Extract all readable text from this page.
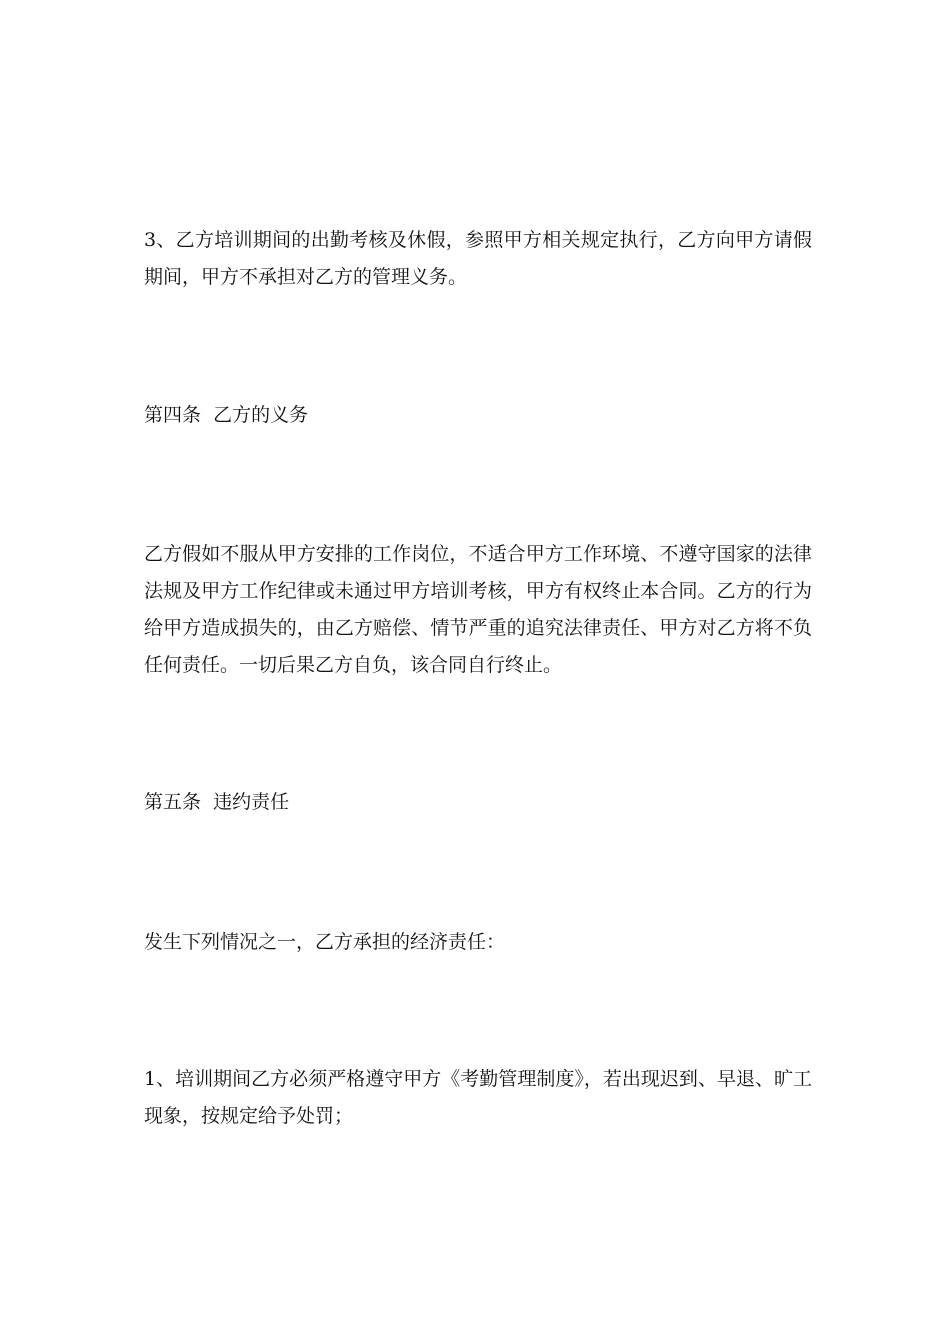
3、乙方培训期间的出勤考核及休假，参照甲方相关规定执行，乙方向甲方请假期间，甲方不承担对乙方的管理义务。

第四条  乙方的义务

乙方假如不服从甲方安排的工作岗位，不适合甲方工作环境、不遵守国家的法律法规及甲方工作纪律或未通过甲方培训考核，甲方有权终止本合同。乙方的行为给甲方造成损失的，由乙方赔偿、情节严重的追究法律责任、甲方对乙方将不负任何责任。一切后果乙方自负，该合同自行终止。

第五条  违约责任

发生下列情况之一，乙方承担的经济责任：

1、培训期间乙方必须严格遵守甲方《考勤管理制度》，若出现迟到、早退、旷工现象，按规定给予处罚；
